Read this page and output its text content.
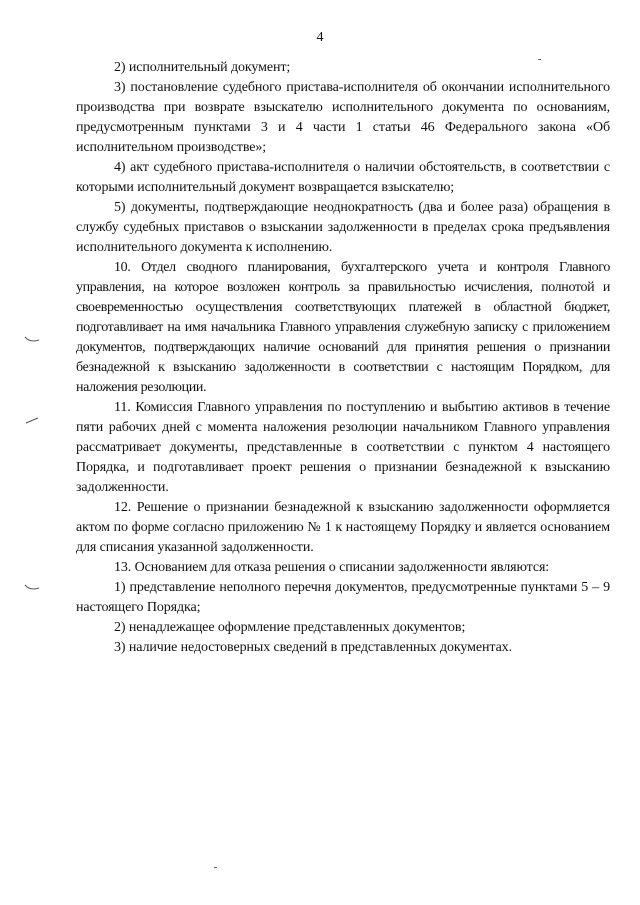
4

2) исполнительный документ;

3) постановление судебного пристава-исполнителя об окончании исполнительного производства при возврате взыскателю исполнительного документа по основаниям, предусмотренным пунктами 3 и 4 части 1 статьи 46 Федерального закона «Об исполнительном производстве»;

4) акт судебного пристава-исполнителя о наличии обстоятельств, в соответствии с которыми исполнительный документ возвращается взыскателю;

5) документы, подтверждающие неоднократность (два и более раза) обращения в службу судебных приставов о взыскании задолженности в пределах срока предъявления исполнительного документа к исполнению.

10. Отдел сводного планирования, бухгалтерского учета и контроля Главного управления, на которое возложен контроль за правильностью исчисления, полнотой и своевременностью осуществления соответствующих платежей в областной бюджет, подготавливает на имя начальника Главного управления служебную записку с приложением документов, подтверждающих наличие оснований для принятия решения о признании безнадежной к взысканию задолженности в соответствии с настоящим Порядком, для наложения резолюции.

11. Комиссия Главного управления по поступлению и выбытию активов в течение пяти рабочих дней с момента наложения резолюции начальником Главного управления рассматривает документы, представленные в соответствии с пунктом 4 настоящего Порядка, и подготавливает проект решения о признании безнадежной к взысканию задолженности.

12. Решение о признании безнадежной к взысканию задолженности оформляется актом по форме согласно приложению № 1 к настоящему Порядку и является основанием для списания указанной задолженности.

13. Основанием для отказа решения о списании задолженности являются:

1) представление неполного перечня документов, предусмотренные пунктами 5 – 9 настоящего Порядка;

2) ненадлежащее оформление представленных документов;

3) наличие недостоверных сведений в представленных документах.
